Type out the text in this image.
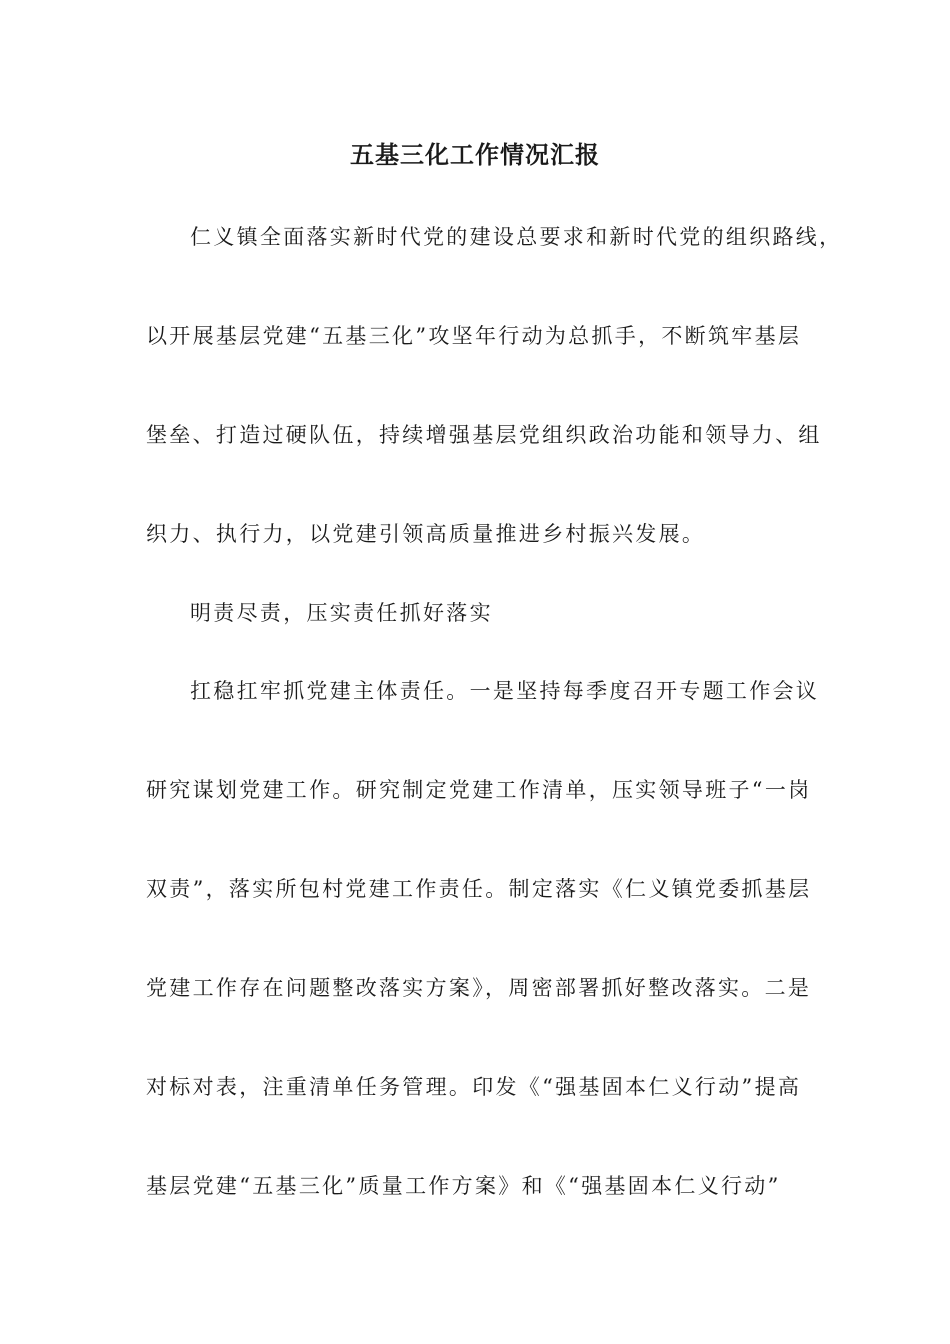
五基三化工作情况汇报
仁义镇全面落实新时代党的建设总要求和新时代党的组织路线，
以开展基层党建“五基三化”攻坚年行动为总抓手，不断筑牢基层
堡垒、打造过硬队伍，持续增强基层党组织政治功能和领导力、组
织力、执行力，以党建引领高质量推进乡村振兴发展。
明责尽责，压实责任抓好落实
扛稳扛牢抓党建主体责任。一是坚持每季度召开专题工作会议
研究谋划党建工作。研究制定党建工作清单，压实领导班子“一岗
双责”，落实所包村党建工作责任。制定落实《仁义镇党委抓基层
党建工作存在问题整改落实方案》，周密部署抓好整改落实。二是
对标对表，注重清单任务管理。印发《“强基固本仁义行动”提高
基层党建“五基三化”质量工作方案》和《“强基固本仁义行动”
